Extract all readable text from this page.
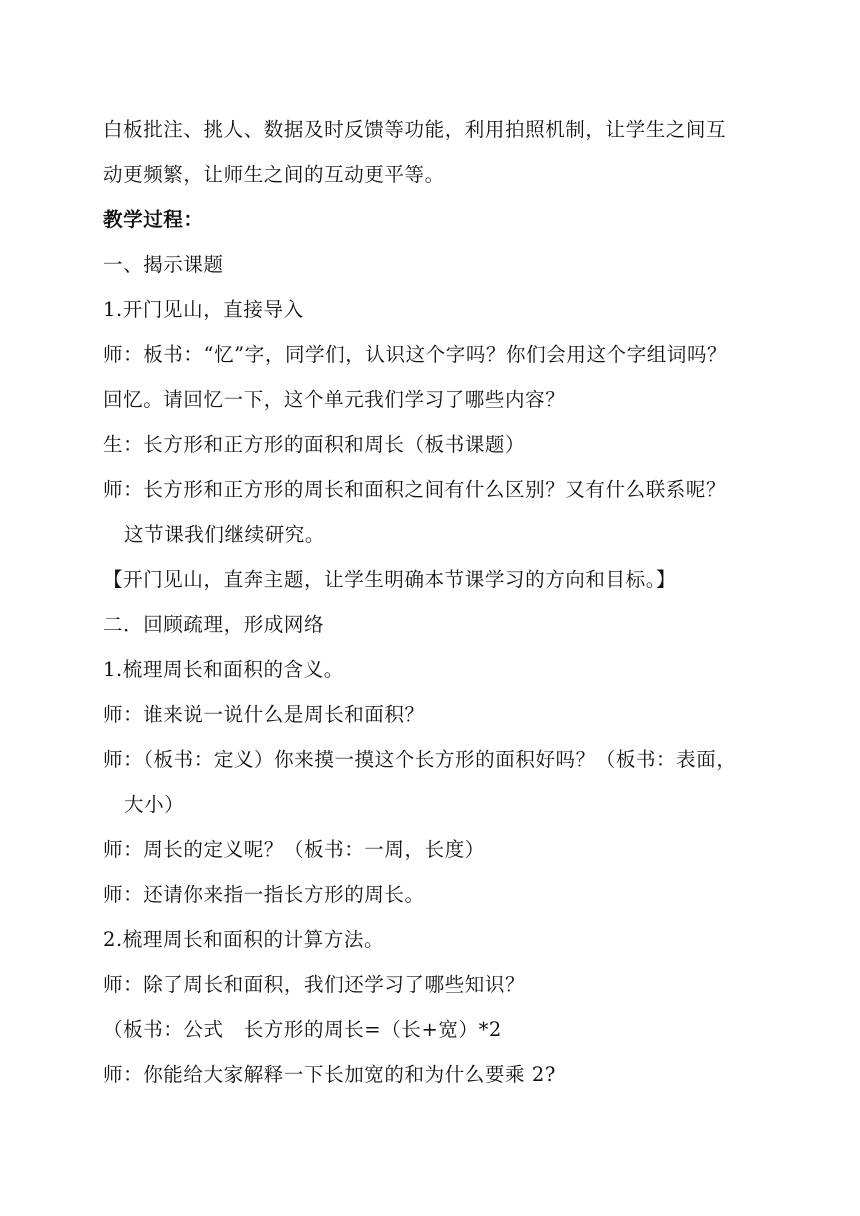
白板批注、挑人、数据及时反馈等功能，利用拍照机制，让学生之间互
动更频繁，让师生之间的互动更平等。
教学过程：
一、揭示课题
1.开门见山，直接导入
师：板书：“忆”字，同学们，认识这个字吗？你们会用这个字组词吗？
回忆。请回忆一下，这个单元我们学习了哪些内容？
生：长方形和正方形的面积和周长（板书课题）
师：长方形和正方形的周长和面积之间有什么区别？又有什么联系呢？
这节课我们继续研究。
【开门见山，直奔主题，让学生明确本节课学习的方向和目标。】
二．回顾疏理，形成网络
1.梳理周长和面积的含义。
师：谁来说一说什么是周长和面积？
师：（板书：定义）你来摸一摸这个长方形的面积好吗？（板书：表面，
大小）
师：周长的定义呢？（板书：一周，长度）
师：还请你来指一指长方形的周长。
2.梳理周长和面积的计算方法。
师：除了周长和面积，我们还学习了哪些知识？
（板书：公式　长方形的周长=（长+宽）*2
师：你能给大家解释一下长加宽的和为什么要乘 2?
